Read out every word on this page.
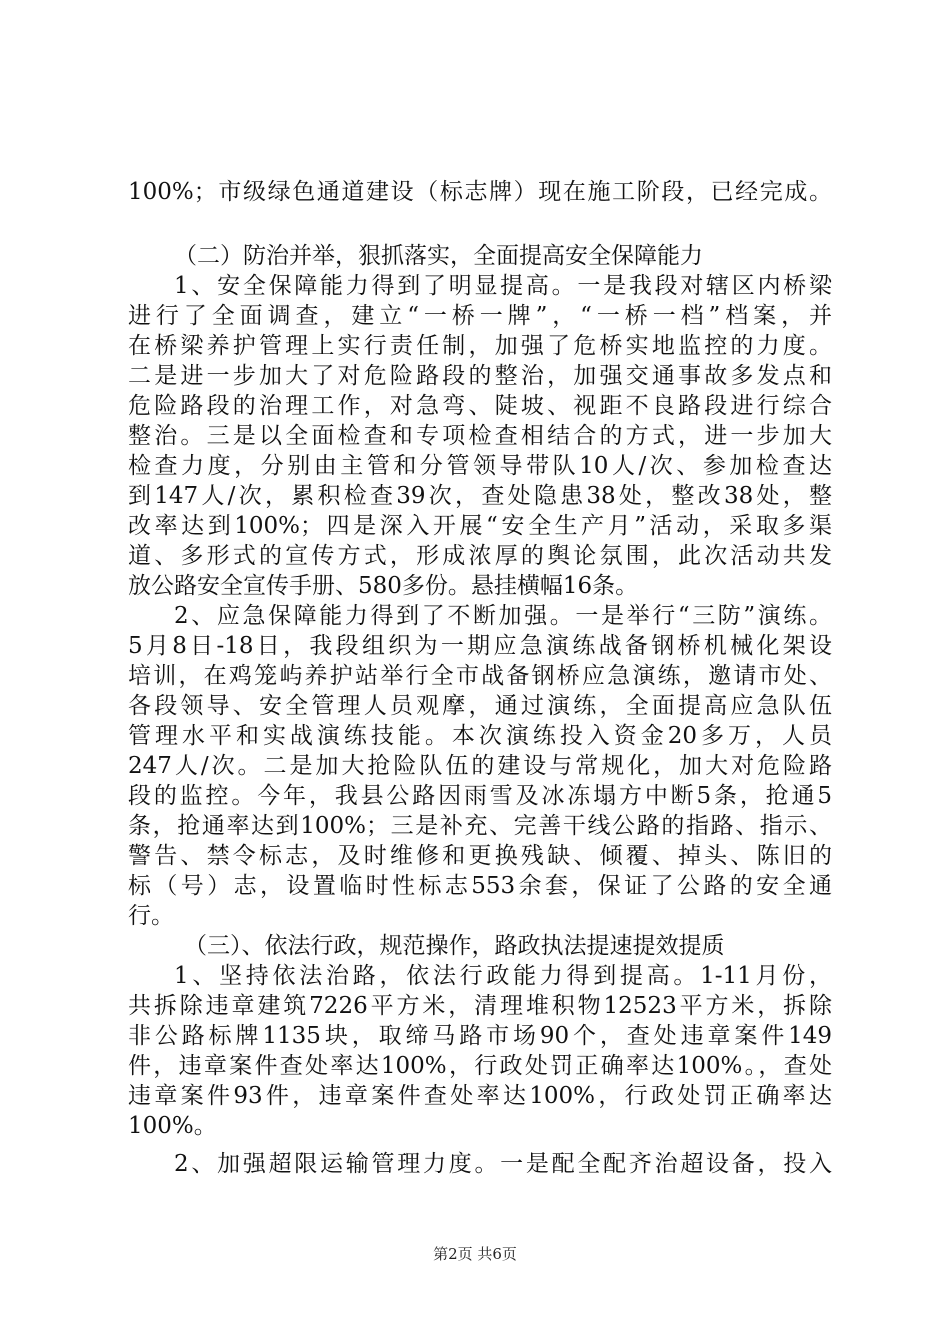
100%；市级绿色通道建设（标志牌）现在施工阶段，已经完成。
（二）防治并举，狠抓落实，全面提高安全保障能力
1、安全保障能力得到了明显提高。一是我段对辖区内桥梁
进行了全面调查，建立“一桥一牌”，“一桥一档”档案，并
在桥梁养护管理上实行责任制，加强了危桥实地监控的力度。
二是进一步加大了对危险路段的整治，加强交通事故多发点和
危险路段的治理工作，对急弯、陡坡、视距不良路段进行综合
整治。三是以全面检查和专项检查相结合的方式，进一步加大
检查力度，分别由主管和分管领导带队10人/次、参加检查达
到147人/次，累积检查39次，查处隐患38处，整改38处，整
改率达到100%；四是深入开展“安全生产月”活动，采取多渠
道、多形式的宣传方式，形成浓厚的舆论氛围，此次活动共发
放公路安全宣传手册、580多份。悬挂横幅16条。
2、应急保障能力得到了不断加强。一是举行“三防”演练。
5月8日-18日，我段组织为一期应急演练战备钢桥机械化架设
培训，在鸡笼屿养护站举行全市战备钢桥应急演练，邀请市处、
各段领导、安全管理人员观摩，通过演练，全面提高应急队伍
管理水平和实战演练技能。本次演练投入资金20多万，人员
247人/次。二是加大抢险队伍的建设与常规化，加大对危险路
段的监控。今年，我县公路因雨雪及冰冻塌方中断5条，抢通5
条，抢通率达到100%；三是补充、完善干线公路的指路、指示、
警告、禁令标志，及时维修和更换残缺、倾覆、掉头、陈旧的
标（号）志，设置临时性标志553余套，保证了公路的安全通
行。
（三）、依法行政，规范操作，路政执法提速提效提质
1、坚持依法治路，依法行政能力得到提高。1-11月份，
共拆除违章建筑7226平方米，清理堆积物12523平方米，拆除
非公路标牌1135块，取缔马路市场90个，查处违章案件149
件，违章案件查处率达100%，行政处罚正确率达100%。，查处
违章案件93件，违章案件查处率达100%，行政处罚正确率达
100%。
2、加强超限运输管理力度。一是配全配齐治超设备，投入
第2页 共6页
